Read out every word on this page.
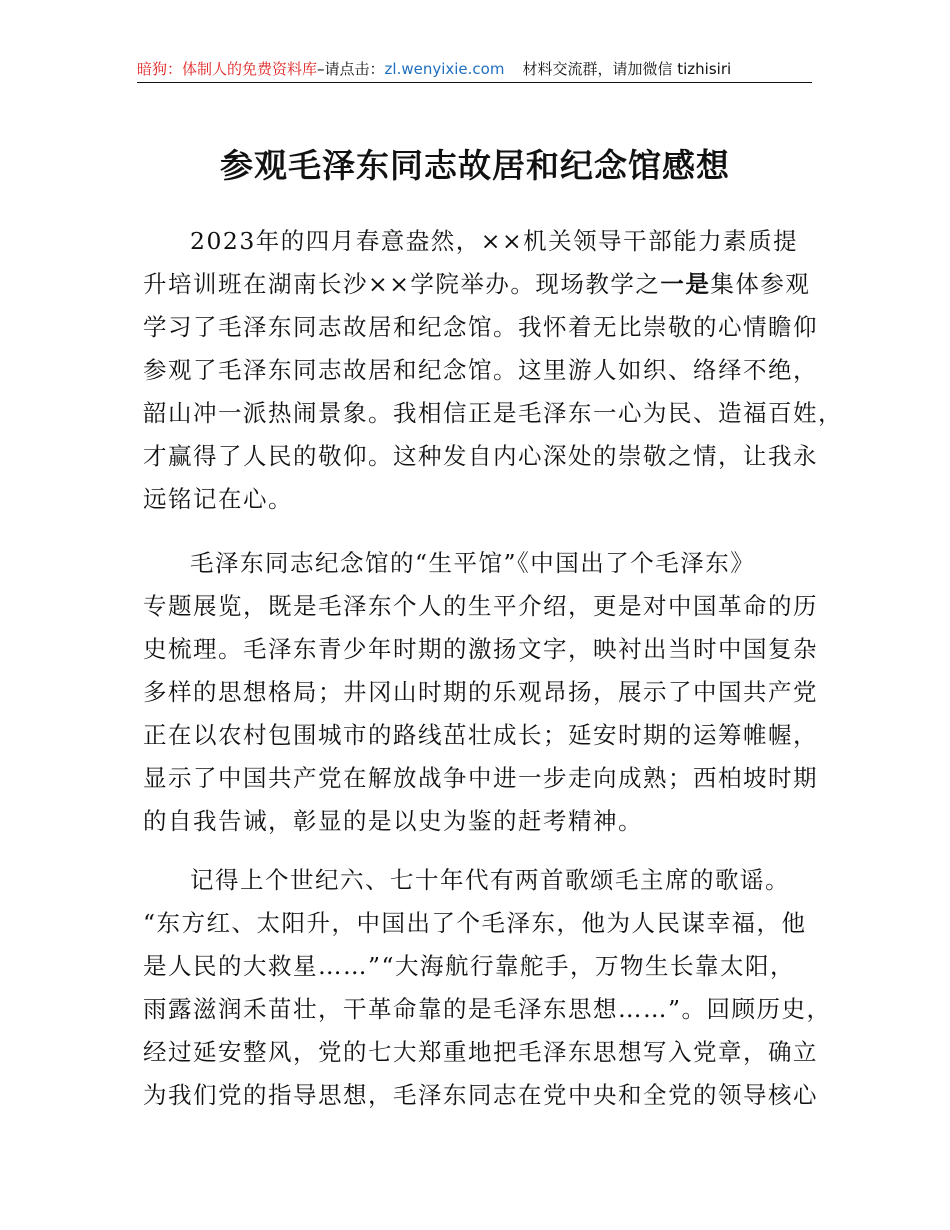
暗狗：体制人的免费资料库–请点击：zl.wenyixie.com 材料交流群，请加微信 tizhisiri
参观毛泽东同志故居和纪念馆感想
2023年的四月春意盎然，××机关领导干部能力素质提
升培训班在湖南长沙××学院举办。现场教学之一是集体参观
学习了毛泽东同志故居和纪念馆。我怀着无比崇敬的心情瞻仰
参观了毛泽东同志故居和纪念馆。这里游人如织、络绎不绝，
韶山冲一派热闹景象。我相信正是毛泽东一心为民、造福百姓，
才赢得了人民的敬仰。这种发自内心深处的崇敬之情，让我永
远铭记在心。
毛泽东同志纪念馆的“生平馆”《中国出了个毛泽东》
专题展览，既是毛泽东个人的生平介绍，更是对中国革命的历
史梳理。毛泽东青少年时期的激扬文字，映衬出当时中国复杂
多样的思想格局；井冈山时期的乐观昂扬，展示了中国共产党
正在以农村包围城市的路线茁壮成长；延安时期的运筹帷幄，
显示了中国共产党在解放战争中进一步走向成熟；西柏坡时期
的自我告诫，彰显的是以史为鉴的赶考精神。
记得上个世纪六、七十年代有两首歌颂毛主席的歌谣。
“东方红、太阳升，中国出了个毛泽东，他为人民谋幸福，他
是人民的大救星……”“大海航行靠舵手，万物生长靠太阳，
雨露滋润禾苗壮，干革命靠的是毛泽东思想……”。回顾历史，
经过延安整风，党的七大郑重地把毛泽东思想写入党章，确立
为我们党的指导思想，毛泽东同志在党中央和全党的领导核心
